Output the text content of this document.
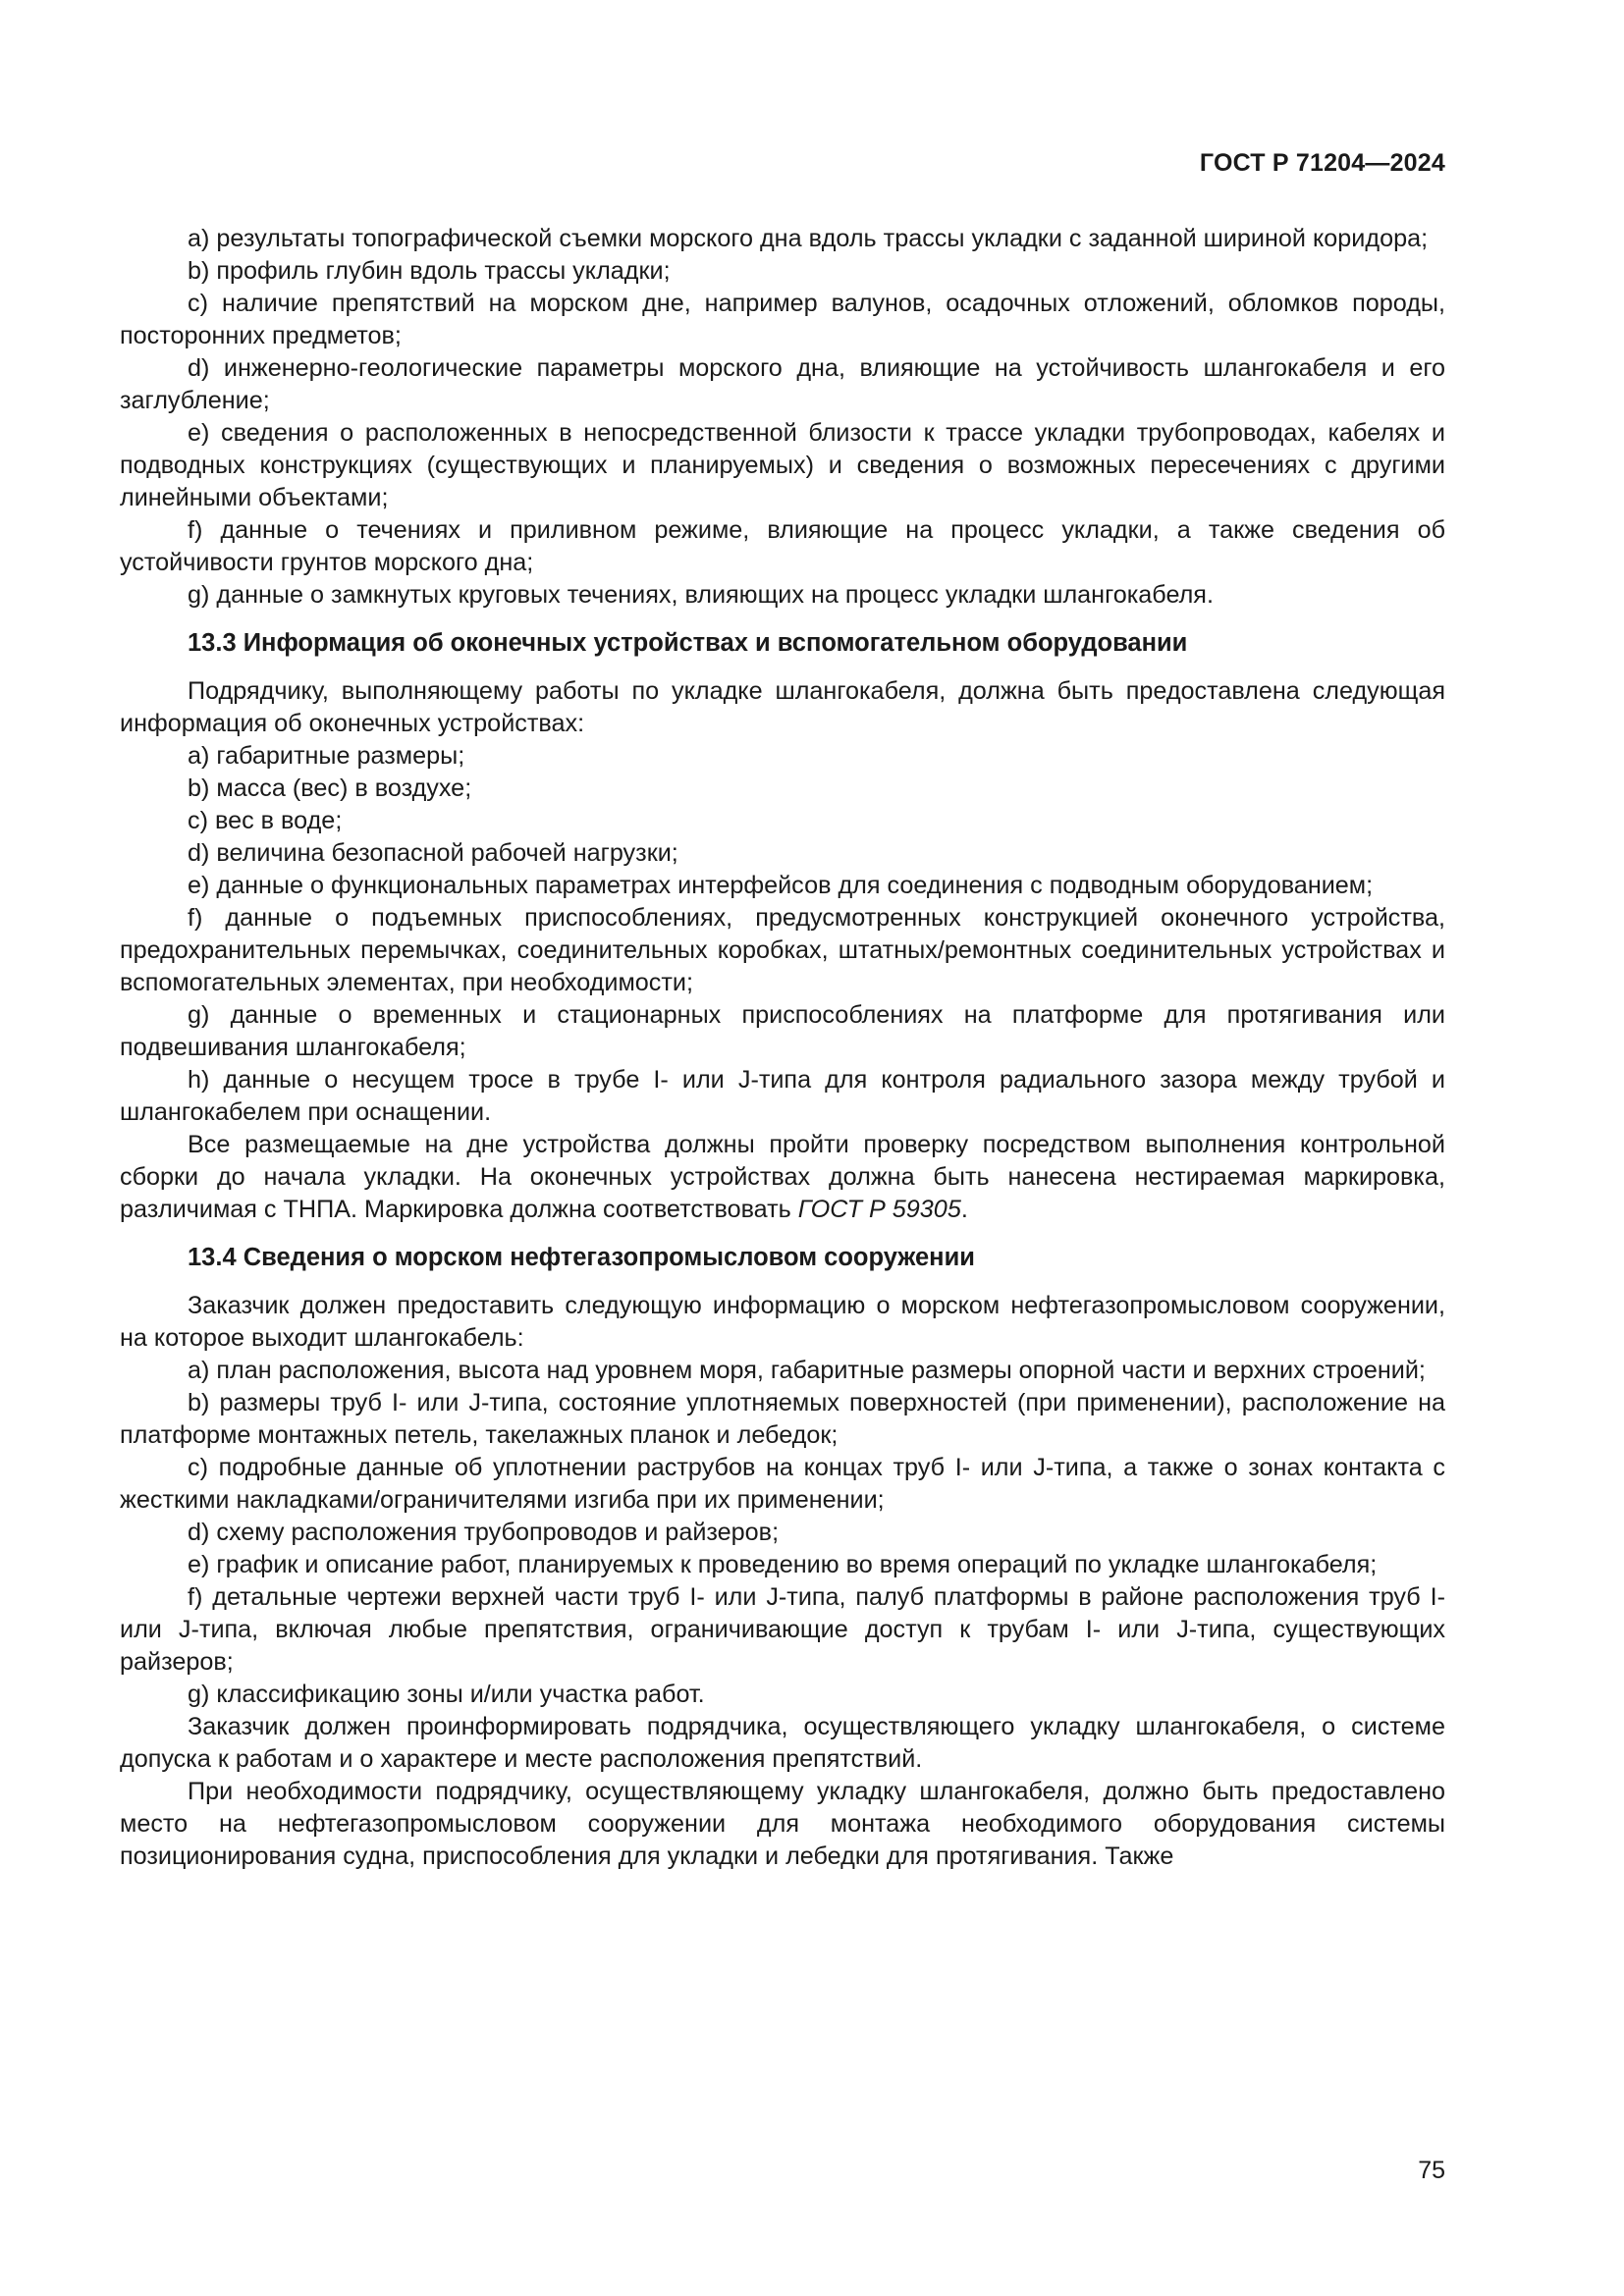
ГОСТ Р 71204—2024

а) результаты топографической съемки морского дна вдоль трассы укладки с заданной шириной коридора;

b) профиль глубин вдоль трассы укладки;

с) наличие препятствий на морском дне, например валунов, осадочных отложений, обломков породы, посторонних предметов;

d) инженерно-геологические параметры морского дна, влияющие на устойчивость шлангокабеля и его заглубление;

е) сведения о расположенных в непосредственной близости к трассе укладки трубопроводах, кабелях и подводных конструкциях (существующих и планируемых) и сведения о возможных пересечениях с другими линейными объектами;

f) данные о течениях и приливном режиме, влияющие на процесс укладки, а также сведения об устойчивости грунтов морского дна;

g) данные о замкнутых круговых течениях, влияющих на процесс укладки шлангокабеля.

13.3 Информация об оконечных устройствах и вспомогательном оборудовании

Подрядчику, выполняющему работы по укладке шлангокабеля, должна быть предоставлена следующая информация об оконечных устройствах:

а) габаритные размеры;

b) масса (вес) в воздухе;

с) вес в воде;

d) величина безопасной рабочей нагрузки;

е) данные о функциональных параметрах интерфейсов для соединения с подводным оборудованием;

f) данные о подъемных приспособлениях, предусмотренных конструкцией оконечного устройства, предохранительных перемычках, соединительных коробках, штатных/ремонтных соединительных устройствах и вспомогательных элементах, при необходимости;

g) данные о временных и стационарных приспособлениях на платформе для протягивания или подвешивания шлангокабеля;

h) данные о несущем тросе в трубе I- или J-типа для контроля радиального зазора между трубой и шлангокабелем при оснащении.

Все размещаемые на дне устройства должны пройти проверку посредством выполнения контрольной сборки до начала укладки. На оконечных устройствах должна быть нанесена нестираемая маркировка, различимая с ТНПА. Маркировка должна соответствовать ГОСТ Р 59305.

13.4 Сведения о морском нефтегазопромысловом сооружении

Заказчик должен предоставить следующую информацию о морском нефтегазопромысловом сооружении, на которое выходит шлангокабель:

а) план расположения, высота над уровнем моря, габаритные размеры опорной части и верхних строений;

b) размеры труб I- или J-типа, состояние уплотняемых поверхностей (при применении), расположение на платформе монтажных петель, такелажных планок и лебедок;

с) подробные данные об уплотнении раструбов на концах труб I- или J-типа, а также о зонах контакта с жесткими накладками/ограничителями изгиба при их применении;

d) схему расположения трубопроводов и райзеров;

е) график и описание работ, планируемых к проведению во время операций по укладке шлангокабеля;

f) детальные чертежи верхней части труб I- или J-типа, палуб платформы в районе расположения труб I- или J-типа, включая любые препятствия, ограничивающие доступ к трубам I- или J-типа, существующих райзеров;

g) классификацию зоны и/или участка работ.

Заказчик должен проинформировать подрядчика, осуществляющего укладку шлангокабеля, о системе допуска к работам и о характере и месте расположения препятствий.

При необходимости подрядчику, осуществляющему укладку шлангокабеля, должно быть предоставлено место на нефтегазопромысловом сооружении для монтажа необходимого оборудования системы позиционирования судна, приспособления для укладки и лебедки для протягивания. Также

75
